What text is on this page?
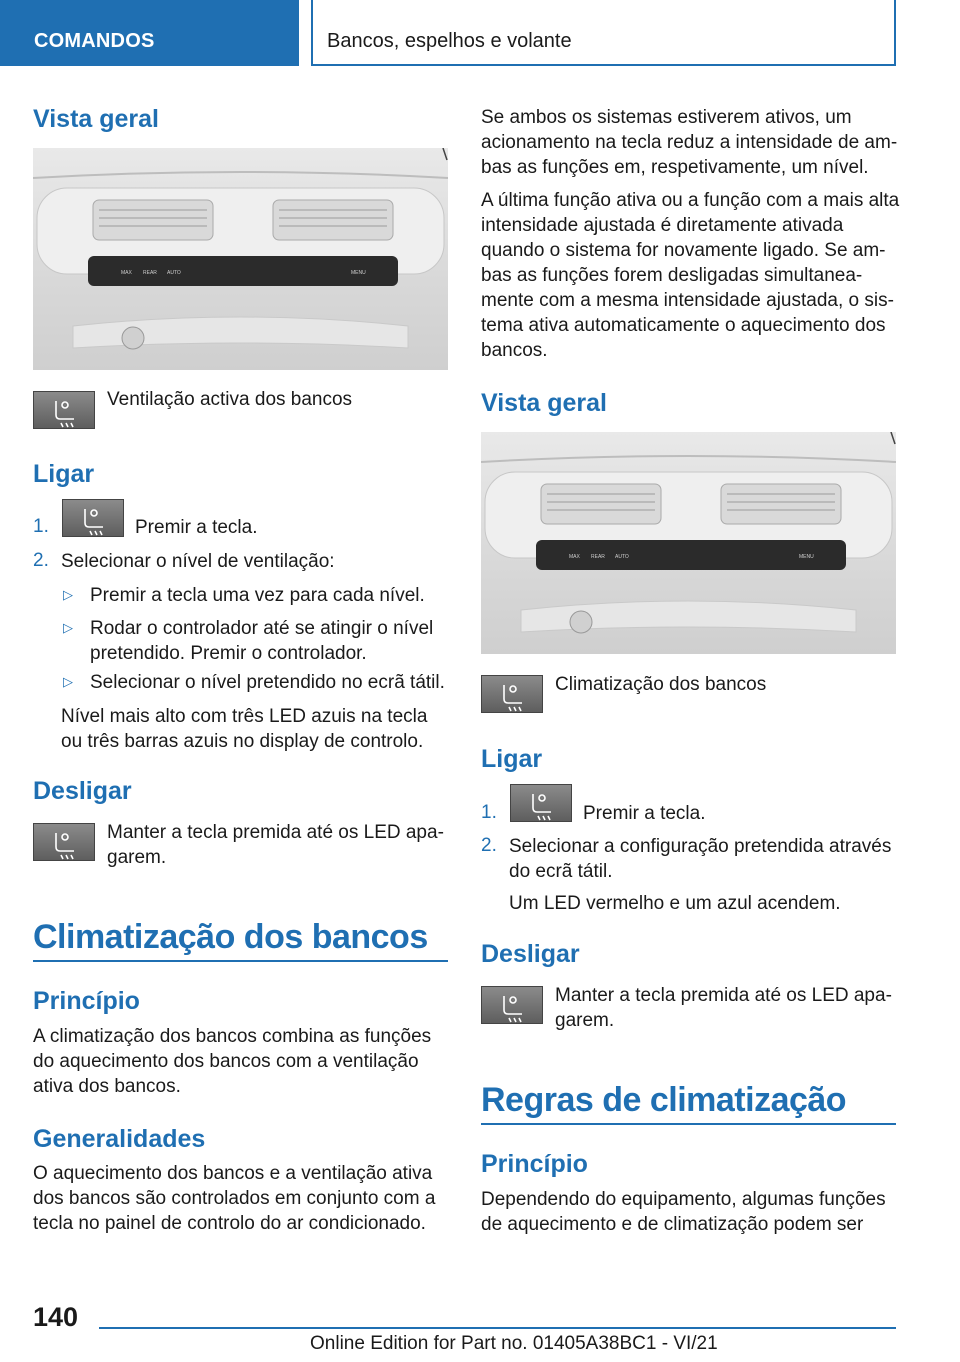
COMANDOS	Bancos, espelhos e volante
Vista geral
MAX REAR AUTO	MENU
Ventilação activa dos bancos
Ligar
1.	Premir a tecla.

2. Selecionar o nível de ventilação:

▷ Premir a tecla uma vez para cada nível.

▷ Rodar o controlador até se atingir o nível

pretendido. Premir o controlador.

▷ Selecionar o nível pretendido no ecrã tátil.

Nível mais alto com três LED azuis na tecla

ou três barras azuis no display de controlo.

Desligar

Manter a tecla premida até os LED apa‐

garem.

Climatização dos bancos
Princípio

A climatização dos bancos combina as funções

do aquecimento dos bancos com a ventilação

ativa dos bancos.

Generalidades

O aquecimento dos bancos e a ventilação ativa

dos bancos são controlados em conjunto com a

tecla no painel de controlo do ar condicionado.

Se ambos os sistemas estiverem ativos, um

acionamento na tecla reduz a intensidade de am‐

bas as funções em, respetivamente, um nível.

A última função ativa ou a função com a mais alta

intensidade ajustada é diretamente ativada

quando o sistema for novamente ligado. Se am‐

bas as funções forem desligadas simultanea‐

mente com a mesma intensidade ajustada, o sis‐

tema ativa automaticamente o aquecimento dos

bancos.

Vista geral
MAX REAR AUTO	MENU
Climatização dos bancos
Ligar
1.	Premir a tecla.

2. Selecionar a configuração pretendida através

do ecrã tátil.

Um LED vermelho e um azul acendem.

Desligar

Manter a tecla premida até os LED apa‐

garem.

Regras de climatização
Princípio

Dependendo do equipamento, algumas funções

de aquecimento e de climatização podem ser

140
Online Edition for Part no. 01405A38BC1 - VI/21
